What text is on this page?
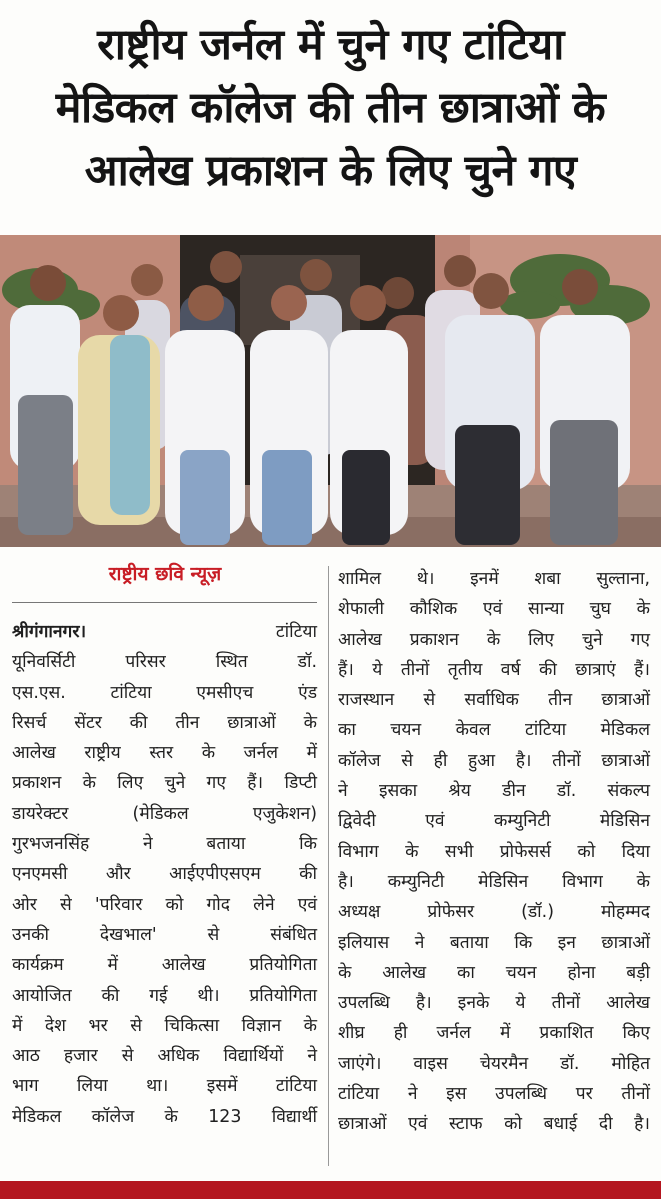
राष्ट्रीय जर्नल में चुने गए टांटिया
मेडिकल कॉलेज की तीन छात्राओं के
आलेख प्रकाशन के लिए चुने गए
राष्ट्रीय छवि न्यूज़
श्रीगंगानगर।	टांटिया
यूनिवर्सिटी परिसर स्थित डॉ.
एस.एस. टांटिया एमसीएच एंड
रिसर्च सेंटर की तीन छात्राओं के
आलेख राष्ट्रीय स्तर के जर्नल में
प्रकाशन के लिए चुने गए हैं। डिप्टी
डायरेक्टर (मेडिकल एजुकेशन)
गुरभजनसिंह ने बताया कि
एनएमसी और आईएपीएसएम की
ओर से 'परिवार को गोद लेने एवं
उनकी देखभाल' से संबंधित
कार्यक्रम में आलेख प्रतियोगिता
आयोजित की गई थी। प्रतियोगिता
में देश भर से चिकित्सा विज्ञान के
आठ हजार से अधिक विद्यार्थियों ने
भाग लिया था। इसमें टांटिया
मेडिकल कॉलेज के 123 विद्यार्थी
शामिल थे। इनमें शबा सुल्ताना,
शेफाली कौशिक एवं सान्या चुघ के
आलेख प्रकाशन के लिए चुने गए
हैं। ये तीनों तृतीय वर्ष की छात्राएं हैं।
राजस्थान से सर्वाधिक तीन छात्राओं
का चयन केवल टांटिया मेडिकल
कॉलेज से ही हुआ है। तीनों छात्राओं
ने इसका श्रेय डीन डॉ. संकल्प
द्विवेदी एवं कम्युनिटी मेडिसिन
विभाग के सभी प्रोफेसर्स को दिया
है। कम्युनिटी मेडिसिन विभाग के
अध्यक्ष प्रोफेसर (डॉ.) मोहम्मद
इलियास ने बताया कि इन छात्राओं
के आलेख का चयन होना बड़ी
उपलब्धि है। इनके ये तीनों आलेख
शीघ्र ही जर्नल में प्रकाशित किए
जाएंगे। वाइस चेयरमैन डॉ. मोहित
टांटिया ने इस उपलब्धि पर तीनों
छात्राओं एवं स्टाफ को बधाई दी है।
